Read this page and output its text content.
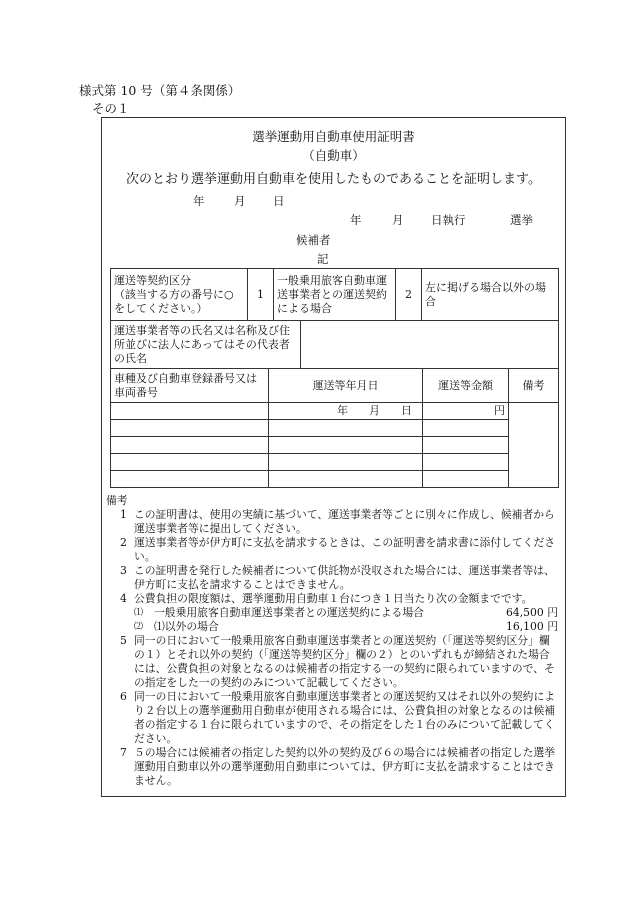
様式第 10 号（第４条関係）
その１
選挙運動用自動車使用証明書
（自動車）
次のとおり選挙運動用自動車を使用したものであることを証明します。
年	月 日
年	月 日執行	選挙
候補者
記
運送等契約区分
（該当する方の番号に○をしてください。）	1	一般乗用旅客自動車運送事業者との運送契約による場合	2	左に掲げる場合以外の場合
運送事業者等の氏名又は名称及び住所並びに法人にあってはその代表者の氏名	
車種及び自動車登録番号又は車両番号	運送等年月日	運送等金額	備考
	年 月 日	円	

備考

1 この証明書は、使用の実績に基づいて、運送事業者等ごとに別々に作成し、候補者から運送事業者等に提出してください。
2 運送事業者等が伊方町に支払を請求するときは、この証明書を請求書に添付してください。
3 この証明書を発行した候補者について供託物が没収された場合には、運送事業者等は、伊方町に支払を請求することはできません。
4 公費負担の限度額は、選挙運動用自動車１台につき１日当たり次の金額までです。
⑴	一般乗用旅客自動車運送事業者との運送契約による場合	64,500 円
⑵	⑴以外の場合	16,100 円
5 同一の日において一般乗用旅客自動車運送事業者との運送契約（「運送等契約区分」欄の１）とそれ以外の契約（「運送等契約区分」欄の２）とのいずれもが締結された場合には、公費負担の対象となるのは候補者の指定する一の契約に限られていますので、その指定をした一の契約のみについて記載してください。
6 同一の日において一般乗用旅客自動車運送事業者との運送契約又はそれ以外の契約により２台以上の選挙運動用自動車が使用される場合には、公費負担の対象となるのは候補者の指定する１台に限られていますので、その指定をした１台のみについて記載してください。
7 ５の場合には候補者の指定した契約以外の契約及び６の場合には候補者の指定した選挙運動用自動車以外の選挙運動用自動車については、伊方町に支払を請求することはできません。
